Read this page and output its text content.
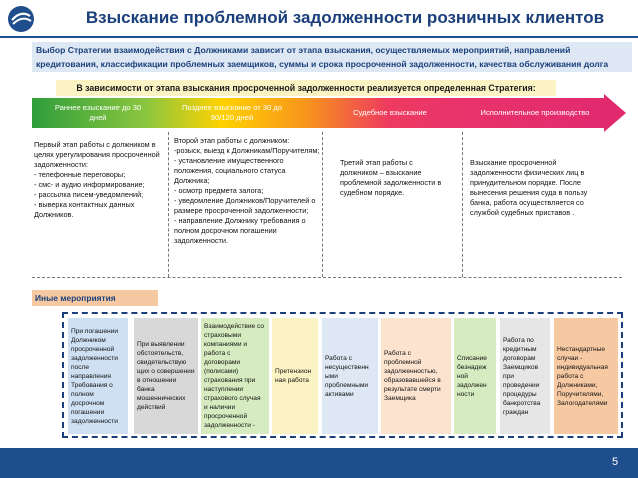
Взыскание проблемной задолженности розничных клиентов
Выбор Стратегии взаимодействия с Должниками зависит от этапа взыскания, осуществляемых мероприятий, направлений кредитования, классификации проблемных заемщиков, суммы и срока просроченной задолженности, качества обслуживания долга
В зависимости от этапа взыскания просроченной задолженности реализуется определенная Стратегия:
Раннее взыскание до 30 дней
Позднее взыскание от 30 до 90/120 дней
Судебное взыскание	Исполнительное производство
Первый этап работы с должником в целях урегулирования просроченной задолженности:
- телефонные переговоры;
- смс- и аудио информирование;
- рассылка писем-уведомлений;
- выверка контактных данных Должников.
Второй этап работы с должником:
-розыск, выезд к Должникам/Поручителям;
- установление имущественного положения, социального статуса Должника;
- осмотр предмета залога;
- уведомление Должников/Поручителей о размере просроченной задолженности;
- направление Должнику требования о полном досрочном погашении задолженности.
Третий этап работы с должником – взыскание проблемной задолженности в судебном порядке.
Взыскание просроченной задолженности физических лиц в принудительном порядке. После вынесения решения суда в пользу банка, работа осуществляется со службой судебных приставов .
Иные мероприятия
При погашении Должником просроченной задолженности после направления Требования о полном досрочном погашении задолженности
При выявлении обстоятельств, свидетельствую щих о совершении в отношении банка мошеннических действий
Взаимодействие со страховыми компаниями и работа с договорами (полисами) страхования при наступлении страхового случая и наличии просроченной задолженности -
Претензион ная работа
Работа с несущественн ыми проблемными активами
Работа с проблемной задолженностью, образовавшейся в результате смерти Заемщика
Списание безнадеж ной задолжен ности
Работа по кредитным договорам Заемщиков при проведении процедуры банкротства граждан
Нестандартные случаи - индивидуальная работа с Должниками, Поручителями, Залогодателями
5
